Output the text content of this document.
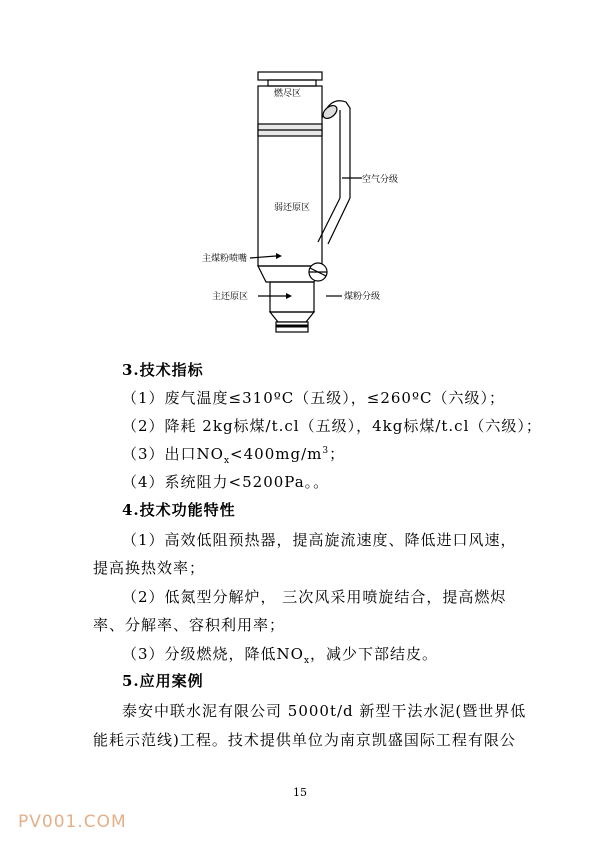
燃尽区
空气分级
弱还原区
主煤粉喷嘴
主还原区	煤粉分级
3.技术指标
（1）废气温度≤310ºC（五级），≤260ºC（六级）；
（2）降耗 2kg标煤/t.cl（五级），4kg标煤/t.cl（六级）；
（3）出口$NO_x<400mg/m^3$；
（4）系统阻力<5200Pa。。
4.技术功能特性
（1）高效低阻预热器，提高旋流速度、降低进口风速，
提高换热效率；
（2）低氮型分解炉， 三次风采用喷旋结合，提高燃烬
率、分解率、容积利用率；
（3）分级燃烧，降低$NO_x$，减少下部结皮。
5.应用案例
泰安中联水泥有限公司 5000t/d 新型干法水泥(暨世界低
能耗示范线)工程。技术提供单位为南京凯盛国际工程有限公
15
PV001.COM
